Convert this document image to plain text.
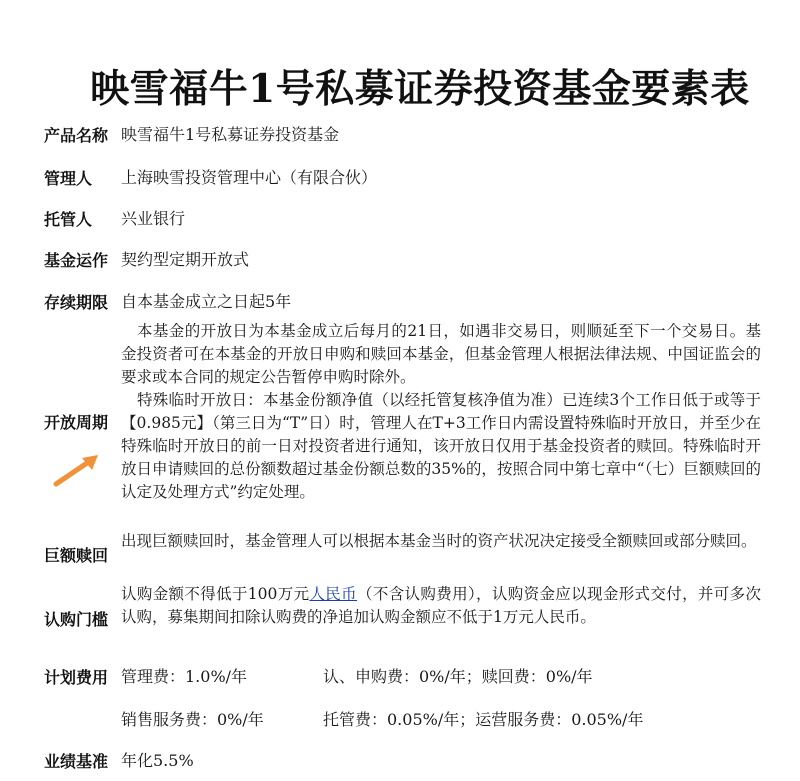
映雪福牛1号私募证券投资基金要素表
产品名称 映雪福牛1号私募证券投资基金
管理人 上海映雪投资管理中心（有限合伙）
托管人 兴业银行
基金运作 契约型定期开放式
存续期限 自本基金成立之日起5年
开放周期

本基金的开放日为本基金成立后每月的21日，如遇非交易日，则顺延至下一个交易日。基金投资者可在本基金的开放日申购和赎回本基金，但基金管理人根据法律法规、中国证监会的要求或本合同的规定公告暂停申购时除外。

特殊临时开放日：本基金份额净值（以经托管复核净值为准）已连续3个工作日低于或等于【0.985元】（第三日为“T”日）时，管理人在T+3工作日内需设置特殊临时开放日，并至少在特殊临时开放日的前一日对投资者进行通知，该开放日仅用于基金投资者的赎回。特殊临时开放日申请赎回的总份额数超过基金份额总数的35%的，按照合同中第七章中“（七）巨额赎回的认定及处理方式”约定处理。

巨额赎回

出现巨额赎回时，基金管理人可以根据本基金当时的资产状况决定接受全额赎回或部分赎回。

认购门槛

认购金额不得低于100万元人民币（不含认购费用），认购资金应以现金形式交付，并可多次认购，募集期间扣除认购费的净追加认购金额应不低于1万元人民币。

计划费用 管理费：1.0%/年	认、申购费：0%/年；赎回费：0%/年
销售服务费：0%/年	托管费：0.05%/年；运营服务费：0.05%/年
业绩基准 年化5.5%
